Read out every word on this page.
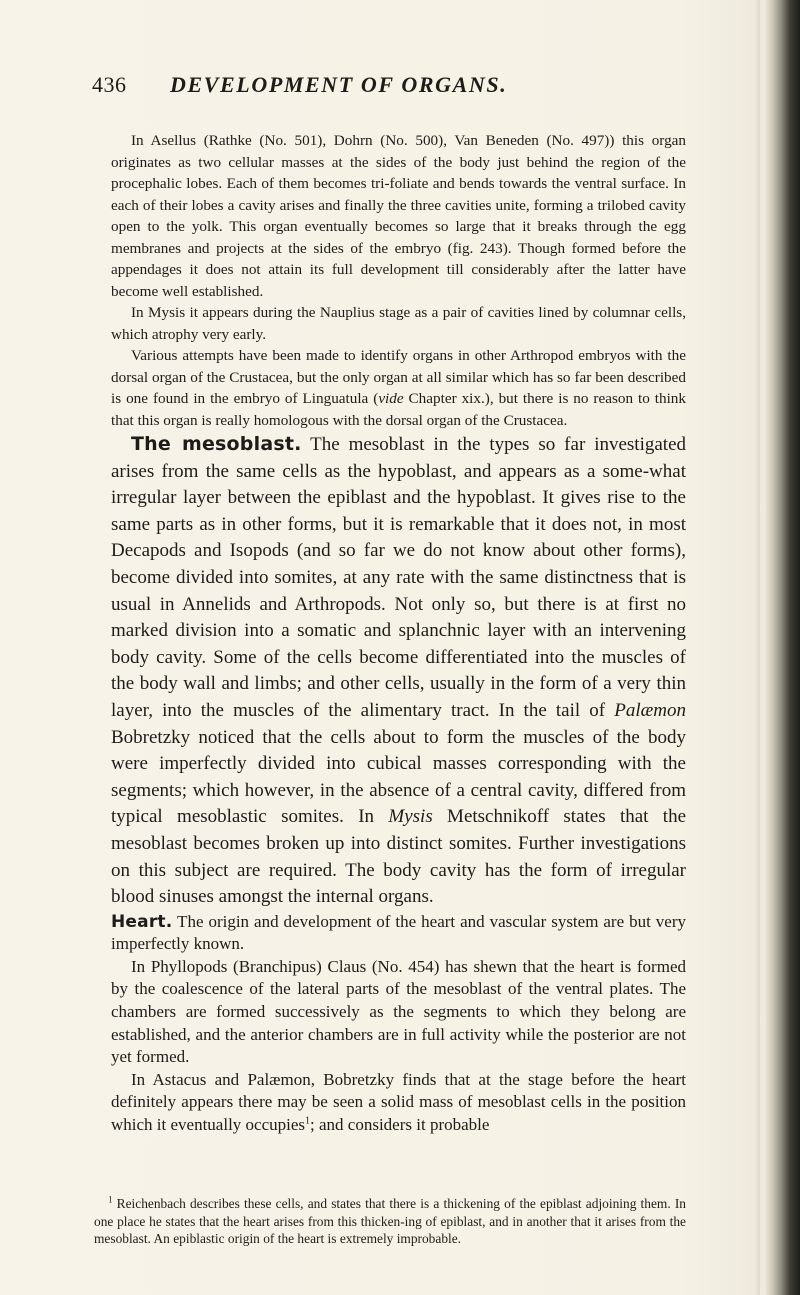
436 DEVELOPMENT OF ORGANS.

In Asellus (Rathke (No. 501), Dohrn (No. 500), Van Beneden (No. 497)) this organ originates as two cellular masses at the sides of the body just behind the region of the procephalic lobes. Each of them becomes tri-foliate and bends towards the ventral surface. In each of their lobes a cavity arises and finally the three cavities unite, forming a trilobed cavity open to the yolk. This organ eventually becomes so large that it breaks through the egg membranes and projects at the sides of the embryo (fig. 243). Though formed before the appendages it does not attain its full development till considerably after the latter have become well established.

In Mysis it appears during the Nauplius stage as a pair of cavities lined by columnar cells, which atrophy very early.

Various attempts have been made to identify organs in other Arthropod embryos with the dorsal organ of the Crustacea, but the only organ at all similar which has so far been described is one found in the embryo of Linguatula (vide Chapter xix.), but there is no reason to think that this organ is really homologous with the dorsal organ of the Crustacea.

The mesoblast. The mesoblast in the types so far investigated arises from the same cells as the hypoblast, and appears as a some-what irregular layer between the epiblast and the hypoblast. It gives rise to the same parts as in other forms, but it is remarkable that it does not, in most Decapods and Isopods (and so far we do not know about other forms), become divided into somites, at any rate with the same distinctness that is usual in Annelids and Arthropods. Not only so, but there is at first no marked division into a somatic and splanchnic layer with an intervening body cavity. Some of the cells become differentiated into the muscles of the body wall and limbs; and other cells, usually in the form of a very thin layer, into the muscles of the alimentary tract. In the tail of Palæmon Bobretzky noticed that the cells about to form the muscles of the body were imperfectly divided into cubical masses corresponding with the segments; which however, in the absence of a central cavity, differed from typical mesoblastic somites. In Mysis Metschnikoff states that the mesoblast becomes broken up into distinct somites. Further investigations on this subject are required. The body cavity has the form of irregular blood sinuses amongst the internal organs.

Heart. The origin and development of the heart and vascular system are but very imperfectly known.

In Phyllopods (Branchipus) Claus (No. 454) has shewn that the heart is formed by the coalescence of the lateral parts of the mesoblast of the ventral plates. The chambers are formed successively as the segments to which they belong are established, and the anterior chambers are in full activity while the posterior are not yet formed.

In Astacus and Palæmon, Bobretzky finds that at the stage before the heart definitely appears there may be seen a solid mass of mesoblast cells in the position which it eventually occupies$^1$; and considers it probable

$^1$ Reichenbach describes these cells, and states that there is a thickening of the epiblast adjoining them. In one place he states that the heart arises from this thicken-ing of epiblast, and in another that it arises from the mesoblast. An epiblastic origin of the heart is extremely improbable.
